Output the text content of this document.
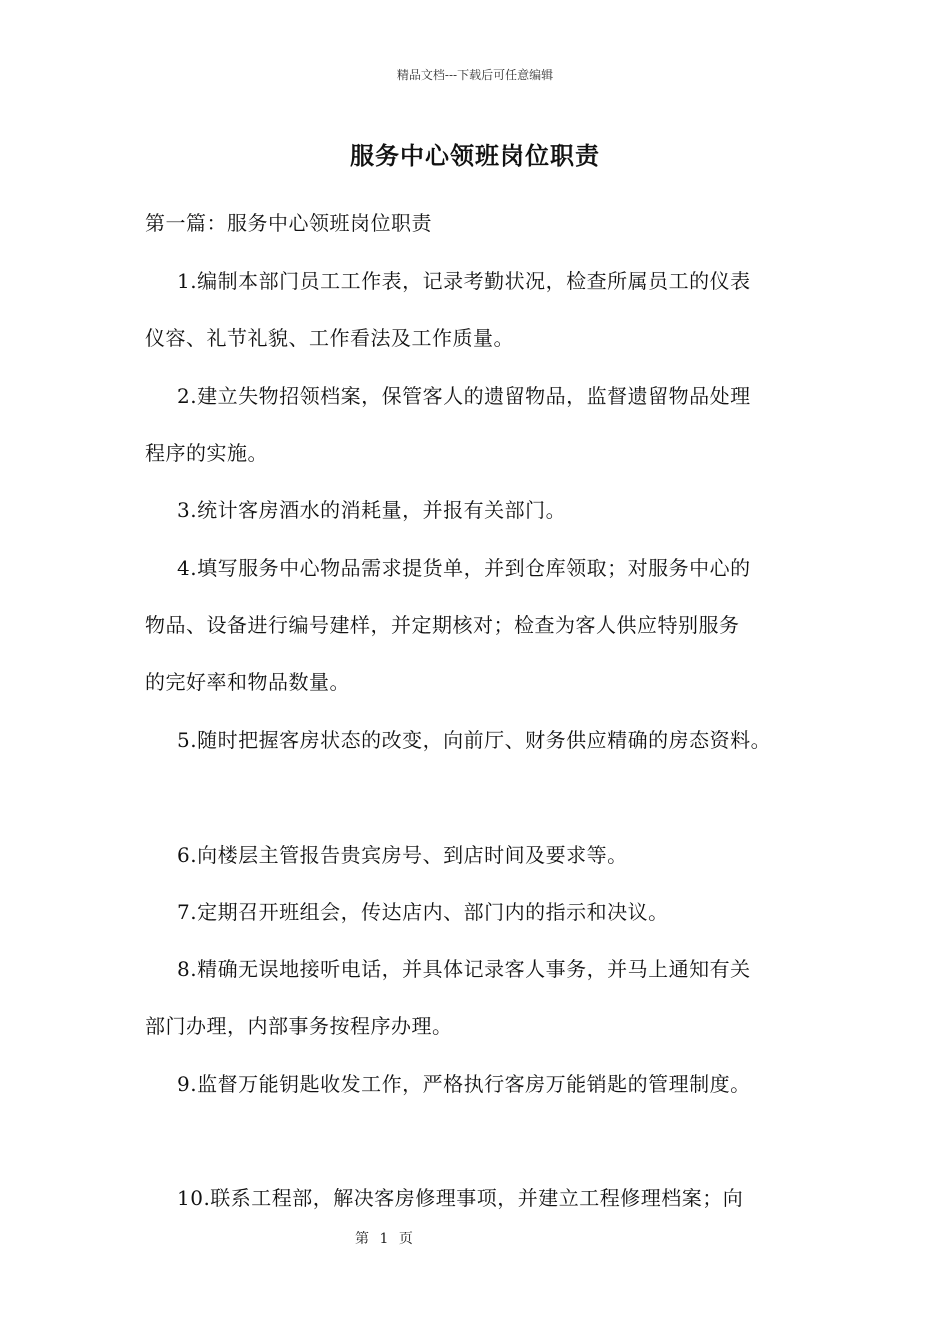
精品文档---下载后可任意编辑
服务中心领班岗位职责
第一篇：服务中心领班岗位职责
1.编制本部门员工工作表，记录考勤状况，检查所属员工的仪表
仪容、礼节礼貌、工作看法及工作质量。
2.建立失物招领档案，保管客人的遗留物品，监督遗留物品处理
程序的实施。
3.统计客房酒水的消耗量，并报有关部门。
4.填写服务中心物品需求提货单，并到仓库领取；对服务中心的
物品、设备进行编号建样，并定期核对；检查为客人供应特别服务
的完好率和物品数量。
5.随时把握客房状态的改变，向前厅、财务供应精确的房态资料。
6.向楼层主管报告贵宾房号、到店时间及要求等。
7.定期召开班组会，传达店内、部门内的指示和决议。
8.精确无误地接听电话，并具体记录客人事务，并马上通知有关
部门办理，内部事务按程序办理。
9.监督万能钥匙收发工作，严格执行客房万能销匙的管理制度。
10.联系工程部，解决客房修理事项，并建立工程修理档案；向
第 1 页
